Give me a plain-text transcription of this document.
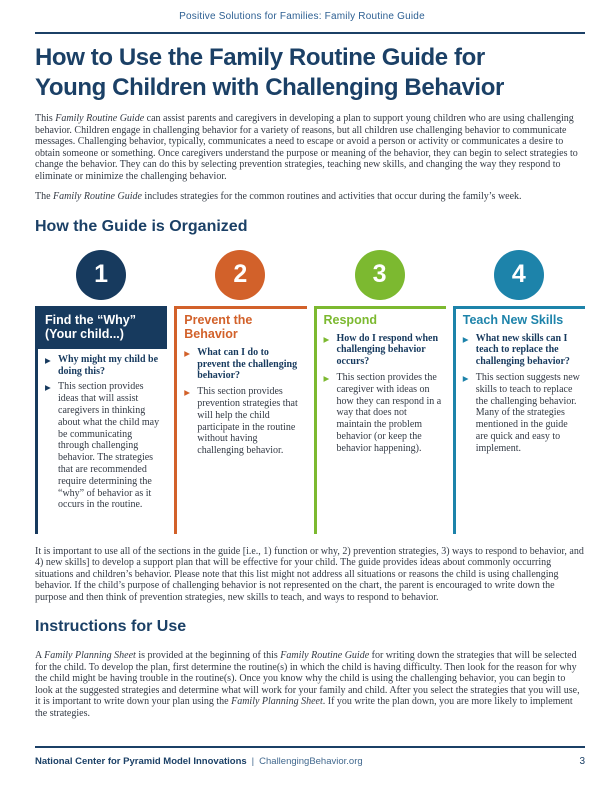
Positive Solutions for Families: Family Routine Guide
How to Use the Family Routine Guide for
Young Children with Challenging Behavior

This Family Routine Guide can assist parents and caregivers in developing a plan to support young children who are using challenging behavior. Children engage in challenging behavior for a variety of reasons, but all children use challenging behavior to communicate messages. Challenging behavior, typically, communicates a need to escape or avoid a person or activity or communicates a desire to obtain someone or something. Once caregivers understand the purpose or meaning of the behavior, they can begin to select strategies to change the behavior. They can do this by selecting prevention strategies, teaching new skills, and changing the way they respond to eliminate or minimize the challenging behavior.

The Family Routine Guide includes strategies for the common routines and activities that occur during the family’s week.

How the Guide is Organized
1
Find the “Why” (Your child...)
▶ Why might my child be doing this?
▶ This section provides ideas that will assist caregivers in thinking about what the child may be communicating through challenging behavior. The strategies that are recommended require determining the “why” of behavior as it occurs in the routine.
2
Prevent the Behavior
▶ What can I do to prevent the challenging behavior?
▶ This section provides prevention strategies that will help the child participate in the routine without having challenging behavior.
3
Respond
▶ How do I respond when challenging behavior occurs?
▶ This section provides the caregiver with ideas on how they can respond in a way that does not maintain the problem behavior (or keep the behavior happening).
4
Teach New Skills
▶ What new skills can I teach to replace the challenging behavior?
▶ This section suggests new skills to teach to replace the challenging behavior. Many of the strategies mentioned in the guide are quick and easy to implement.

It is important to use all of the sections in the guide [i.e., 1) function or why, 2) prevention strategies, 3) ways to respond to behavior, and 4) new skills] to develop a support plan that will be effective for your child. The guide provides ideas about commonly occurring situations and children’s behavior. Please note that this list might not address all situations or reasons the child is using challenging behavior. If the child’s purpose of challenging behavior is not represented on the chart, the parent is encouraged to write down the purpose and then think of prevention strategies, new skills to teach, and ways to respond to behavior.

Instructions for Use

A Family Planning Sheet is provided at the beginning of this Family Routine Guide for writing down the strategies that will be selected for the child. To develop the plan, first determine the routine(s) in which the child is having difficulty. Then look for the reason for why the child might be having trouble in the routine(s). Once you know why the child is using the challenging behavior, you can begin to look at the suggested strategies and determine what will work for your family and child. After you select the strategies that you will use, it is important to write down your plan using the Family Planning Sheet. If you write the plan down, you are more likely to implement the strategies.

National Center for Pyramid Model Innovations | ChallengingBehavior.org	3
